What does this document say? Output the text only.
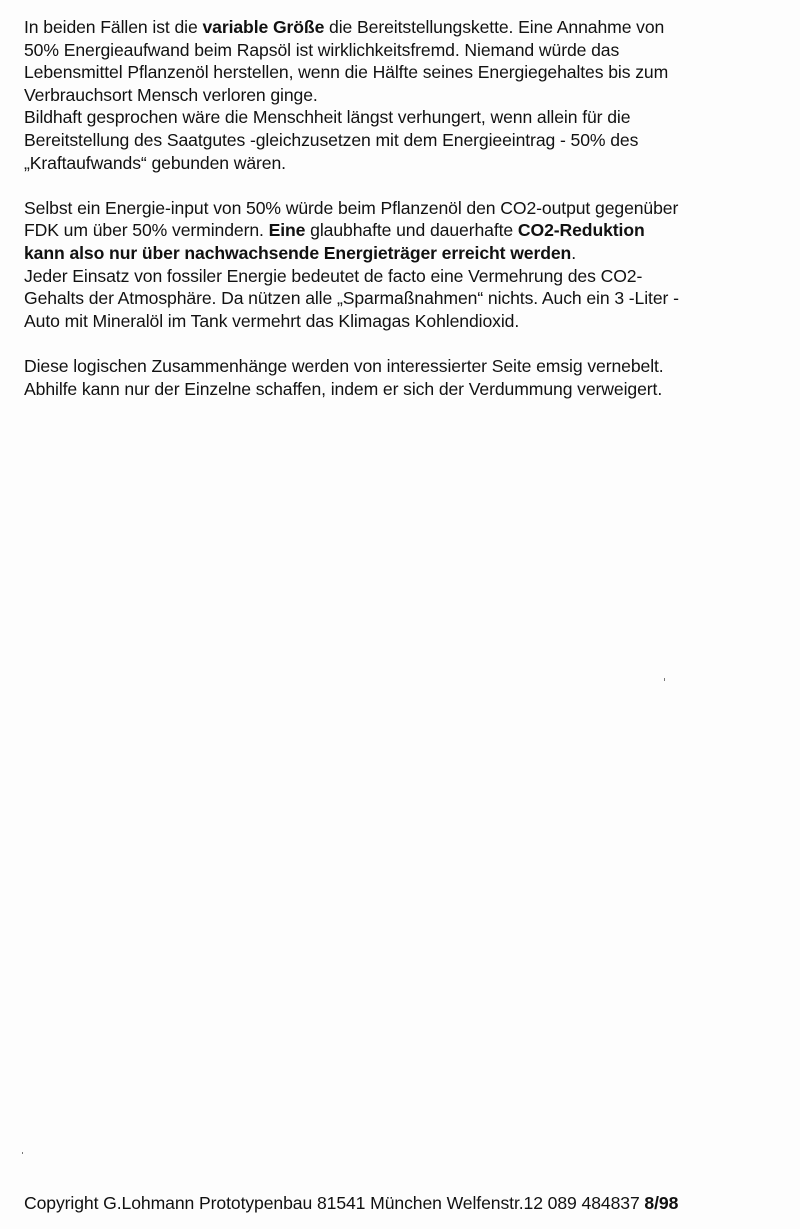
In beiden Fällen ist die variable Größe die Bereitstellungskette. Eine Annahme von
50% Energieaufwand beim Rapsöl ist wirklichkeitsfremd. Niemand würde das
Lebensmittel Pflanzenöl herstellen, wenn die Hälfte seines Energiegehaltes bis zum
Verbrauchsort Mensch verloren ginge.
Bildhaft gesprochen wäre die Menschheit längst verhungert, wenn allein für die
Bereitstellung des Saatgutes -gleichzusetzen mit dem Energieeintrag - 50% des
„Kraftaufwands“ gebunden wären.

Selbst ein Energie-input von 50% würde beim Pflanzenöl den CO2-output gegenüber
FDK um über 50% vermindern. Eine glaubhafte und dauerhafte CO2-Reduktion
kann also nur über nachwachsende Energieträger erreicht werden.
Jeder Einsatz von fossiler Energie bedeutet de facto eine Vermehrung des CO2-
Gehalts der Atmosphäre. Da nützen alle „Sparmaßnahmen“ nichts. Auch ein 3 -Liter -
Auto mit Mineralöl im Tank vermehrt das Klimagas Kohlendioxid.

Diese logischen Zusammenhänge werden von interessierter Seite emsig vernebelt.
Abhilfe kann nur der Einzelne schaffen, indem er sich der Verdummung verweigert.

Copyright G.Lohmann Prototypenbau 81541 München Welfenstr.12 089 484837 8/98
